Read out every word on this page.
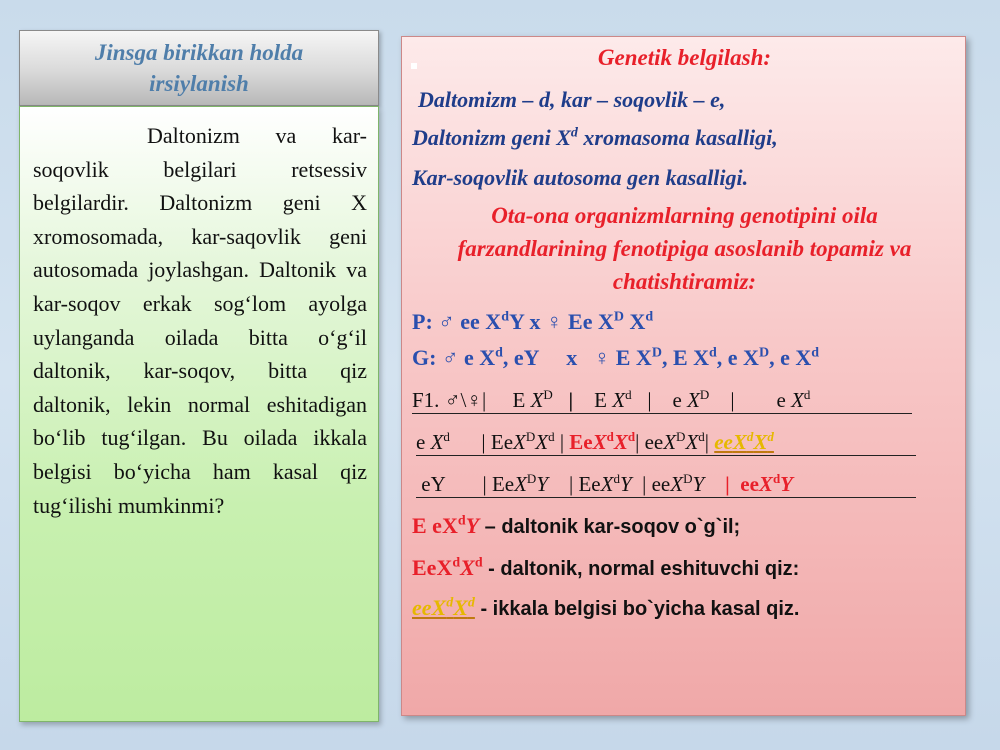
Jinsga birikkan holda irsiylanish

Daltonizm va kar-soqovlik belgilari retsessiv belgilardir. Daltonizm geni X xromosomada, kar-saqovlik geni autosomada joylashgan. Daltonik va kar-soqov erkak sog‘lom ayolga uylanganda oilada bitta o‘g‘il daltonik, kar-soqov, bitta qiz daltonik, lekin normal eshitadigan bo‘lib tug‘ilgan. Bu oilada ikkala belgisi bo‘yicha ham kasal qiz tug‘ilishi mumkinmi?

Genetik belgilash:
Daltomizm – d, kar – soqovlik – e,
Daltonizm geni $X^d$ xromasoma kasalligi,
Kar-soqovlik autosoma gen kasalligi.
Ota-ona organizmlarning genotipini oila
farzandlarining fenotipiga asoslanib topamiz va
chatishtiramiz:
P: ♂ ee $X^dY$ x ♀ Ee $X^D$ $X^d$
G: ♂ e $X^d$, eY     x   ♀ E $X^D$, E $X^d$, e $X^D$, e $X^d$
F1. ♂\♀|     E $X^D$ |    E $X^d$   |    e $X^D$    |        e $X^d$
e $X^d$      | $EeX^DX^d$ | $EeX^dX^d|$ $eeX^DX^d|$ $eeX^dX^d$
eY       | EeX$^D$Y    | EeX$^d$Y  | eeX$^D$Y |  eeX$^d$Y
E $eX^dY$ – daltonik kar-soqov o`g`il;
$EeX^dX^d$ - daltonik, normal eshituvchi qiz:
$eeX^dX^d$ - ikkala belgisi bo`yicha kasal qiz.
